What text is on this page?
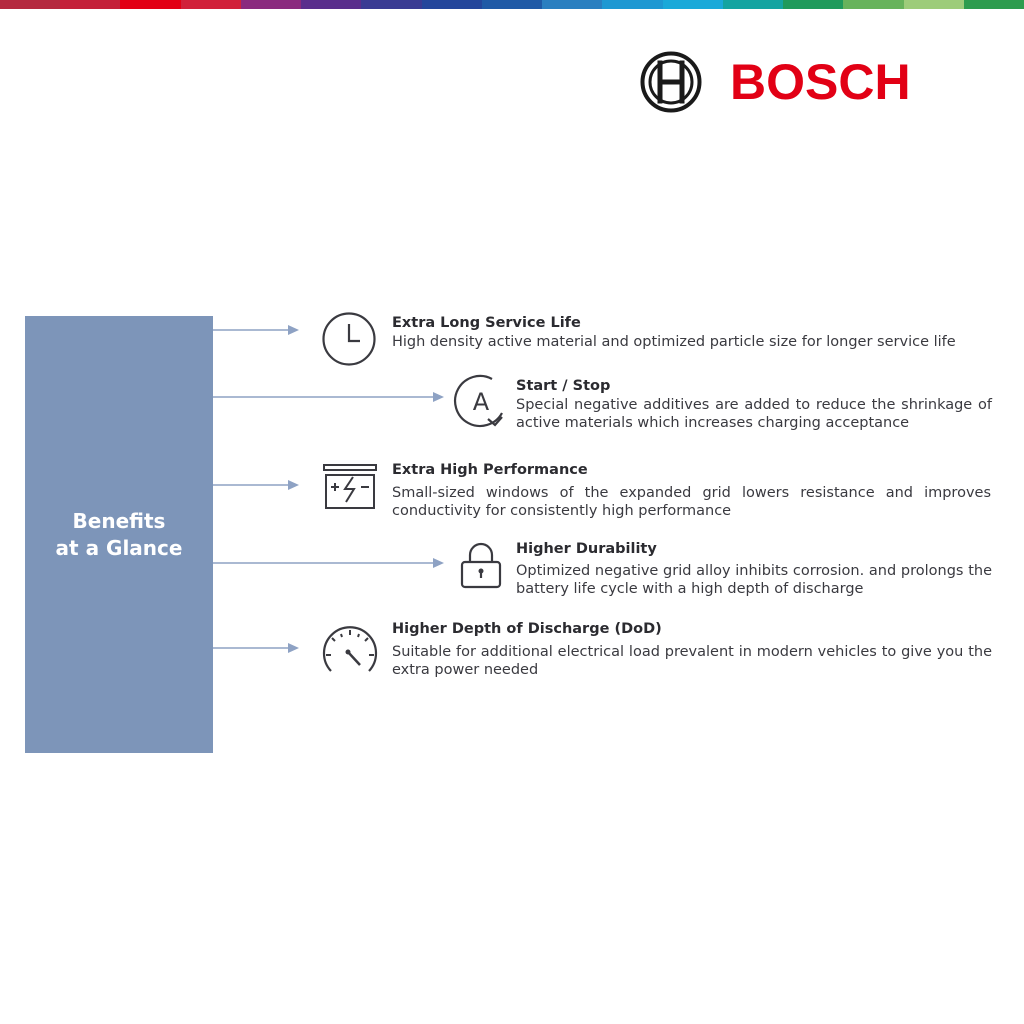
BOSCH
Benefits
at a Glance
Extra Long Service Life
High density active material and optimized particle size for longer service life
A
Start / Stop
Special negative additives are added to reduce the shrinkage of active materials which increases charging acceptance
Extra High Performance
Small-sized windows of the expanded grid lowers resistance and improves conductivity for consistently high performance
Higher Durability
Optimized negative grid alloy inhibits corrosion. and prolongs the battery life cycle with a high depth of discharge
Higher Depth of Discharge (DoD)
Suitable for additional electrical load prevalent in modern vehicles to give you the extra power needed
